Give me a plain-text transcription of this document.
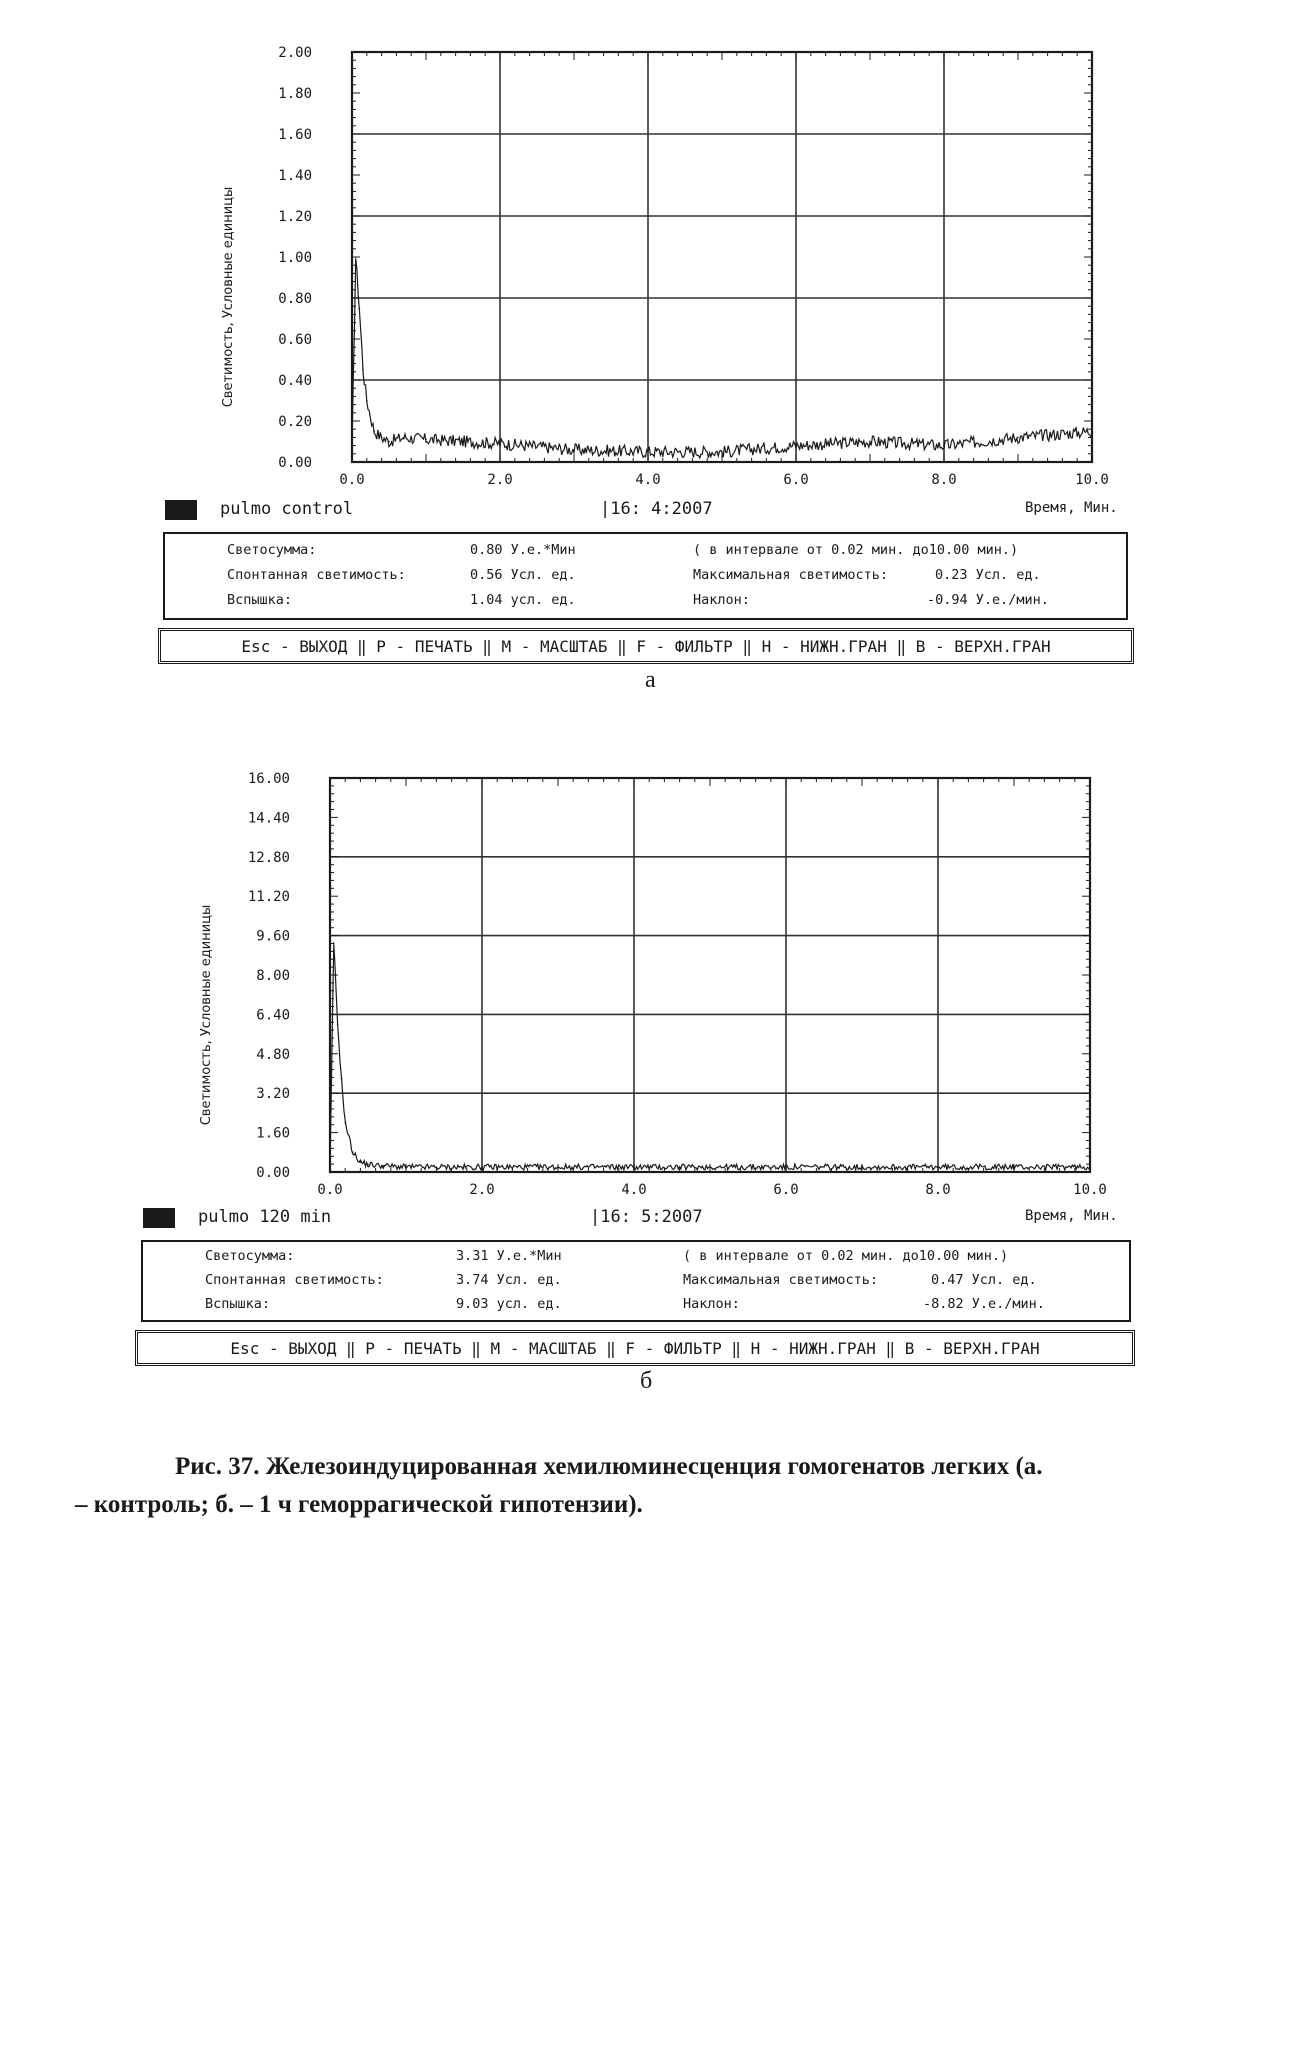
0.00
0.20
0.40
0.60
0.80
1.00
1.20
1.40
1.60
1.80
2.00
0.0	2.0	4.0	6.0	8.0	10.0
Светимость, Условные единицы
pulmo control	|16: 4:2007	Время, Мин.
Светосумма:	0.80 У.е.*Мин	( в интервале от 0.02 мин. до10.00 мин.)
Спонтанная светимость:	0.56 Усл. ед.	Максимальная светимость:	0.23 Усл. ед.
Вспышка:	1.04 усл. ед.	Наклон:	-0.94 У.е./мин.
Esc - ВЫХОД ‖ P - ПЕЧАТЬ ‖ M - МАСШТАБ ‖ F - ФИЛЬТР ‖ H - НИЖН.ГРАН ‖ B - ВЕРХН.ГРАН
а
0.00
1.60
3.20
4.80
6.40
8.00
9.60
11.20
12.80
14.40
16.00
0.0	2.0	4.0	6.0	8.0	10.0
Светимость, Условные единицы
pulmo 120 min	|16: 5:2007	Время, Мин.
Светосумма:	3.31 У.е.*Мин	( в интервале от 0.02 мин. до10.00 мин.)
Спонтанная светимость:	3.74 Усл. ед.	Максимальная светимость:	0.47 Усл. ед.
Вспышка:	9.03 усл. ед.	Наклон:	-8.82 У.е./мин.
Esc - ВЫХОД ‖ P - ПЕЧАТЬ ‖ M - МАСШТАБ ‖ F - ФИЛЬТР ‖ H - НИЖН.ГРАН ‖ B - ВЕРХН.ГРАН
б
Рис. 37. Железоиндуцированная хемилюминесценция гомогенатов легких (а.
– контроль; б. – 1 ч геморрагической гипотензии).
